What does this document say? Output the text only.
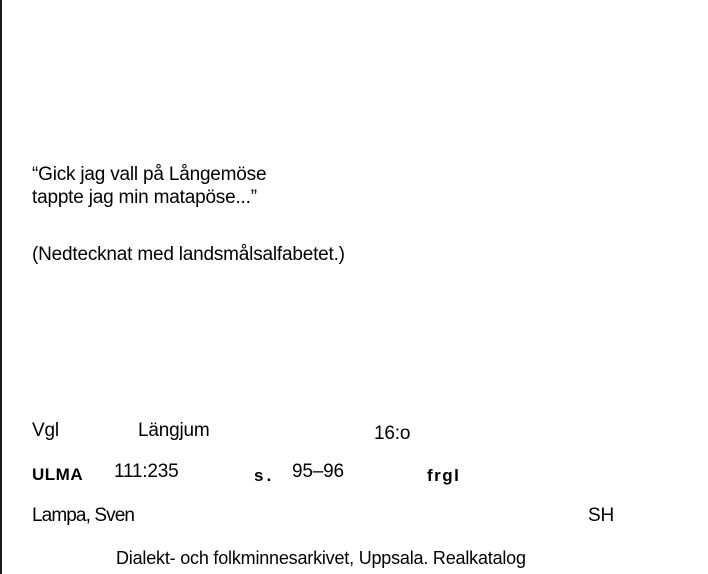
“Gick jag vall på Långemöse
tappte jag min matapöse...”
(Nedtecknat med landsmålsalfabetet.)
Vgl	Längjum	16:o
ULMA 111:235	s. 95–96	frgl
Lampa, Sven	SH
Dialekt- och folkminnesarkivet, Uppsala. Realkatalog
